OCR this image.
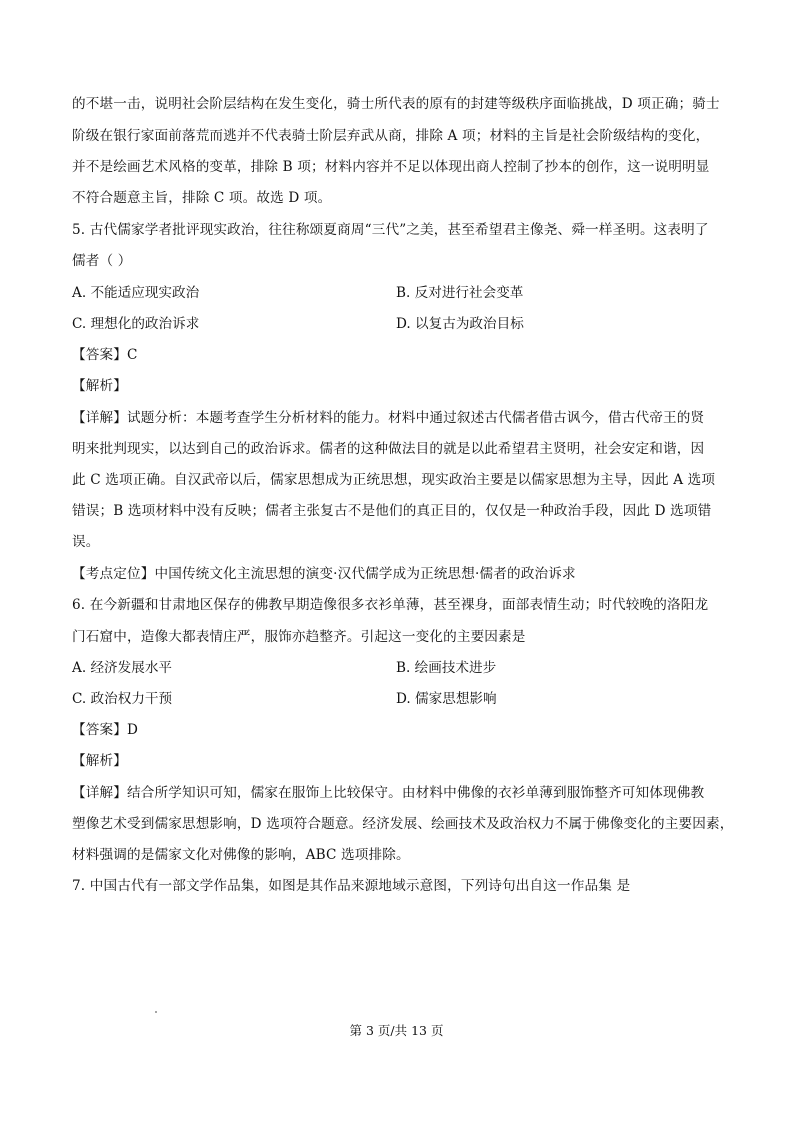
的不堪一击，说明社会阶层结构在发生变化，骑士所代表的原有的封建等级秩序面临挑战，D 项正确；骑士
阶级在银行家面前落荒而逃并不代表骑士阶层弃武从商，排除 A 项；材料的主旨是社会阶级结构的变化，
并不是绘画艺术风格的变革，排除 B 项；材料内容并不足以体现出商人控制了抄本的创作，这一说明明显
不符合题意主旨，排除 C 项。故选 D 项。
5. 古代儒家学者批评现实政治，往往称颂夏商周“三代”之美，甚至希望君主像尧、舜一样圣明。这表明了
儒者（ ）
A. 不能适应现实政治	B. 反对进行社会变革
C. 理想化的政治诉求	D. 以复古为政治目标
【答案】C
【解析】
【详解】试题分析：本题考查学生分析材料的能力。材料中通过叙述古代儒者借古讽今，借古代帝王的贤
明来批判现实，以达到自己的政治诉求。儒者的这种做法目的就是以此希望君主贤明，社会安定和谐，因
此 C 选项正确。自汉武帝以后，儒家思想成为正统思想，现实政治主要是以儒家思想为主导，因此 A 选项
错误；B 选项材料中没有反映；儒者主张复古不是他们的真正目的，仅仅是一种政治手段，因此 D 选项错
误。
【考点定位】中国传统文化主流思想的演变·汉代儒学成为正统思想·儒者的政治诉求
6. 在今新疆和甘肃地区保存的佛教早期造像很多衣衫单薄，甚至裸身，面部表情生动；时代较晚的洛阳龙
门石窟中，造像大都表情庄严，服饰亦趋整齐。引起这一变化的主要因素是
A. 经济发展水平	B. 绘画技术进步
C. 政治权力干预	D. 儒家思想影响
【答案】D
【解析】
【详解】结合所学知识可知，儒家在服饰上比较保守。由材料中佛像的衣衫单薄到服饰整齐可知体现佛教
塑像艺术受到儒家思想影响，D 选项符合题意。经济发展、绘画技术及政治权力不属于佛像变化的主要因素，
材料强调的是儒家文化对佛像的影响，ABC 选项排除。
7. 中国古代有一部文学作品集，如图是其作品来源地域示意图，下列诗句出自这一作品集 是
第 3 页/共 13 页
